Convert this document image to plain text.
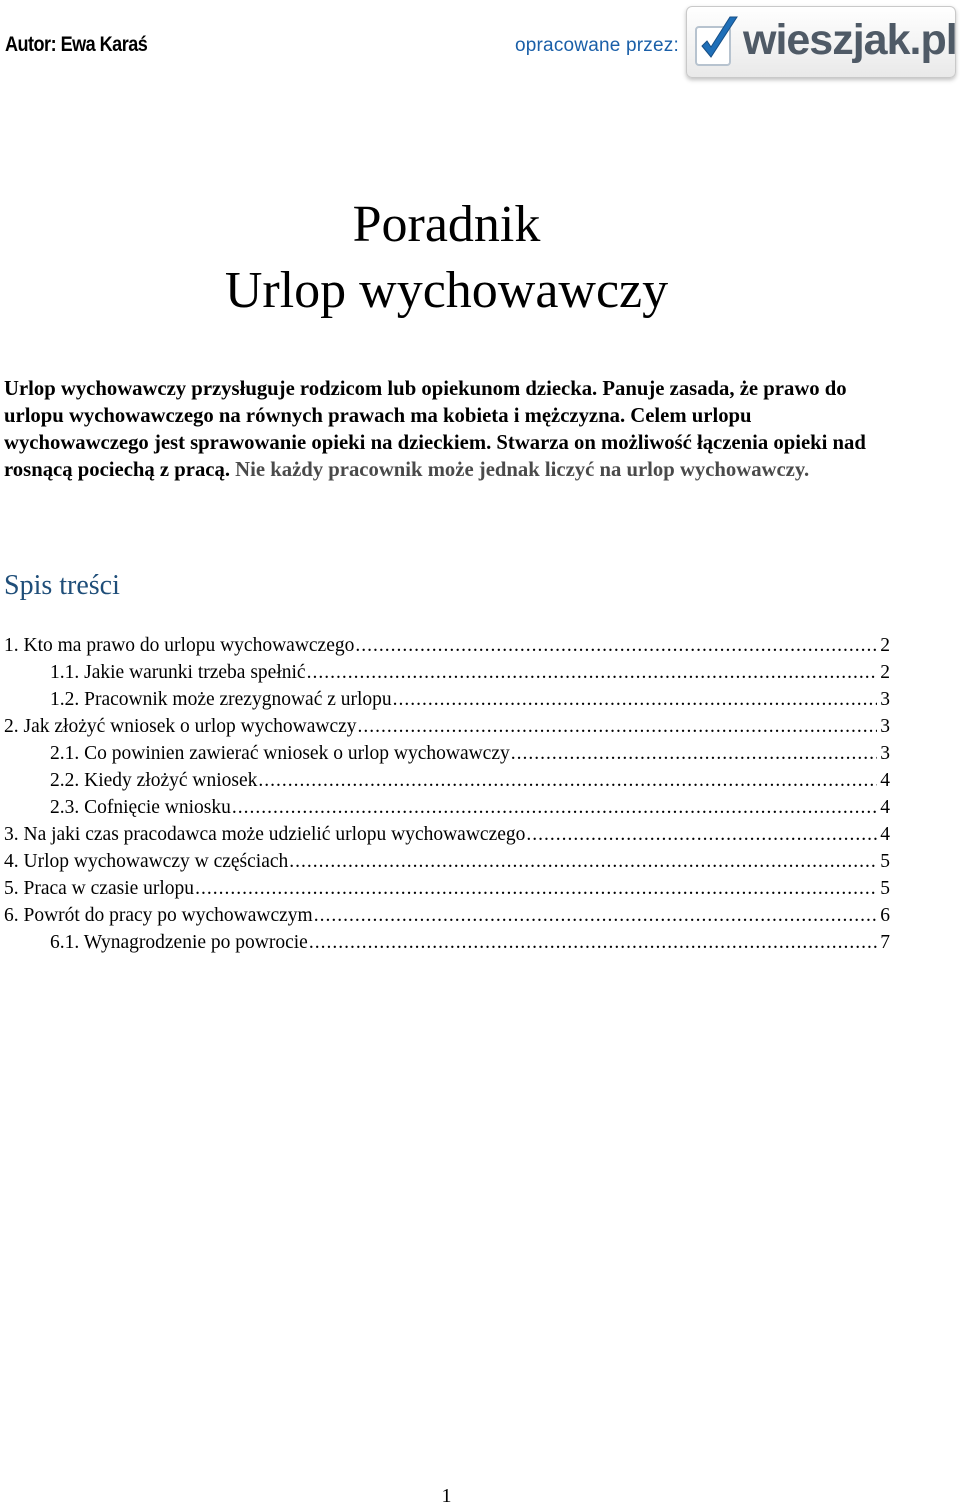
Autor: Ewa Karaś	opracowane przez: wieszjak.pl
Poradnik
Urlop wychowawczy
Urlop wychowawczy przysługuje rodzicom lub opiekunom dziecka. Panuje zasada, że prawo do urlopu wychowawczego na równych prawach ma kobieta i mężczyzna. Celem urlopu wychowawczego jest sprawowanie opieki na dzieckiem. Stwarza on możliwość łączenia opieki nad rosnącą pociechą z pracą. Nie każdy pracownik może jednak liczyć na urlop wychowawczy.
Spis treści
1. Kto ma prawo do urlopu wychowawczego .....	2
1.1. Jakie warunki trzeba spełnić .....	2
1.2. Pracownik może zrezygnować z urlopu .....	3
2. Jak złożyć wniosek o urlop wychowawczy .....	3
2.1. Co powinien zawierać wniosek o urlop wychowawczy .....	3
2.2. Kiedy złożyć wniosek .....	4
2.3. Cofnięcie wniosku .....	4
3. Na jaki czas pracodawca może udzielić urlopu wychowawczego .....	4
4. Urlop wychowawczy w częściach .....	5
5. Praca w czasie urlopu .....	5
6. Powrót do pracy po wychowawczym .....	6
6.1. Wynagrodzenie po powrocie .....	7
1
